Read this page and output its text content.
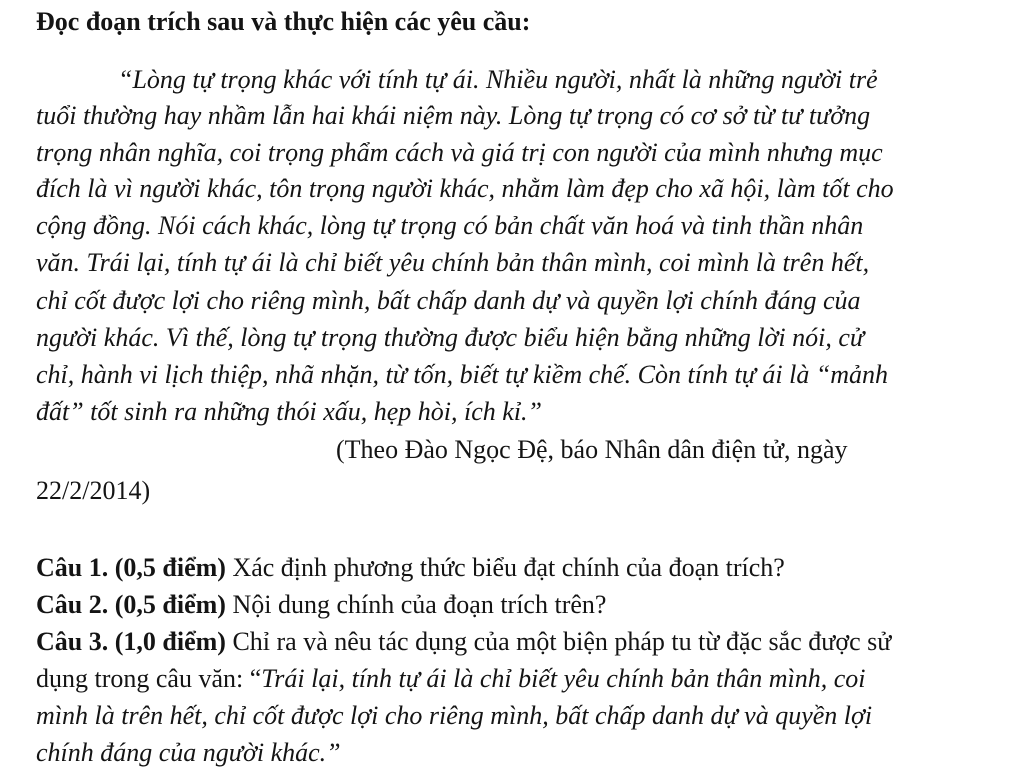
Đọc đoạn trích sau và thực hiện các yêu cầu:
“Lòng tự trọng khác với tính tự ái. Nhiều người, nhất là những người trẻ
tuổi thường hay nhầm lẫn hai khái niệm này. Lòng tự trọng có cơ sở từ tư tưởng
trọng nhân nghĩa, coi trọng phẩm cách và giá trị con người của mình nhưng mục
đích là vì người khác, tôn trọng người khác, nhằm làm đẹp cho xã hội, làm tốt cho
cộng đồng. Nói cách khác, lòng tự trọng có bản chất văn hoá và tinh thần nhân
văn. Trái lại, tính tự ái là chỉ biết yêu chính bản thân mình, coi mình là trên hết,
chỉ cốt được lợi cho riêng mình, bất chấp danh dự và quyền lợi chính đáng của
người khác. Vì thế, lòng tự trọng thường được biểu hiện bằng những lời nói, cử
chỉ, hành vi lịch thiệp, nhã nhặn, từ tốn, biết tự kiềm chế. Còn tính tự ái là “mảnh
đất” tốt sinh ra những thói xấu, hẹp hòi, ích kỉ.”
(Theo Đào Ngọc Đệ, báo Nhân dân điện tử, ngày
22/2/2014)
Câu 1. (0,5 điểm) Xác định phương thức biểu đạt chính của đoạn trích?
Câu 2. (0,5 điểm) Nội dung chính của đoạn trích trên?
Câu 3. (1,0 điểm) Chỉ ra và nêu tác dụng của một biện pháp tu từ đặc sắc được sử
dụng trong câu văn: “Trái lại, tính tự ái là chỉ biết yêu chính bản thân mình, coi
mình là trên hết, chỉ cốt được lợi cho riêng mình, bất chấp danh dự và quyền lợi
chính đáng của người khác.”
